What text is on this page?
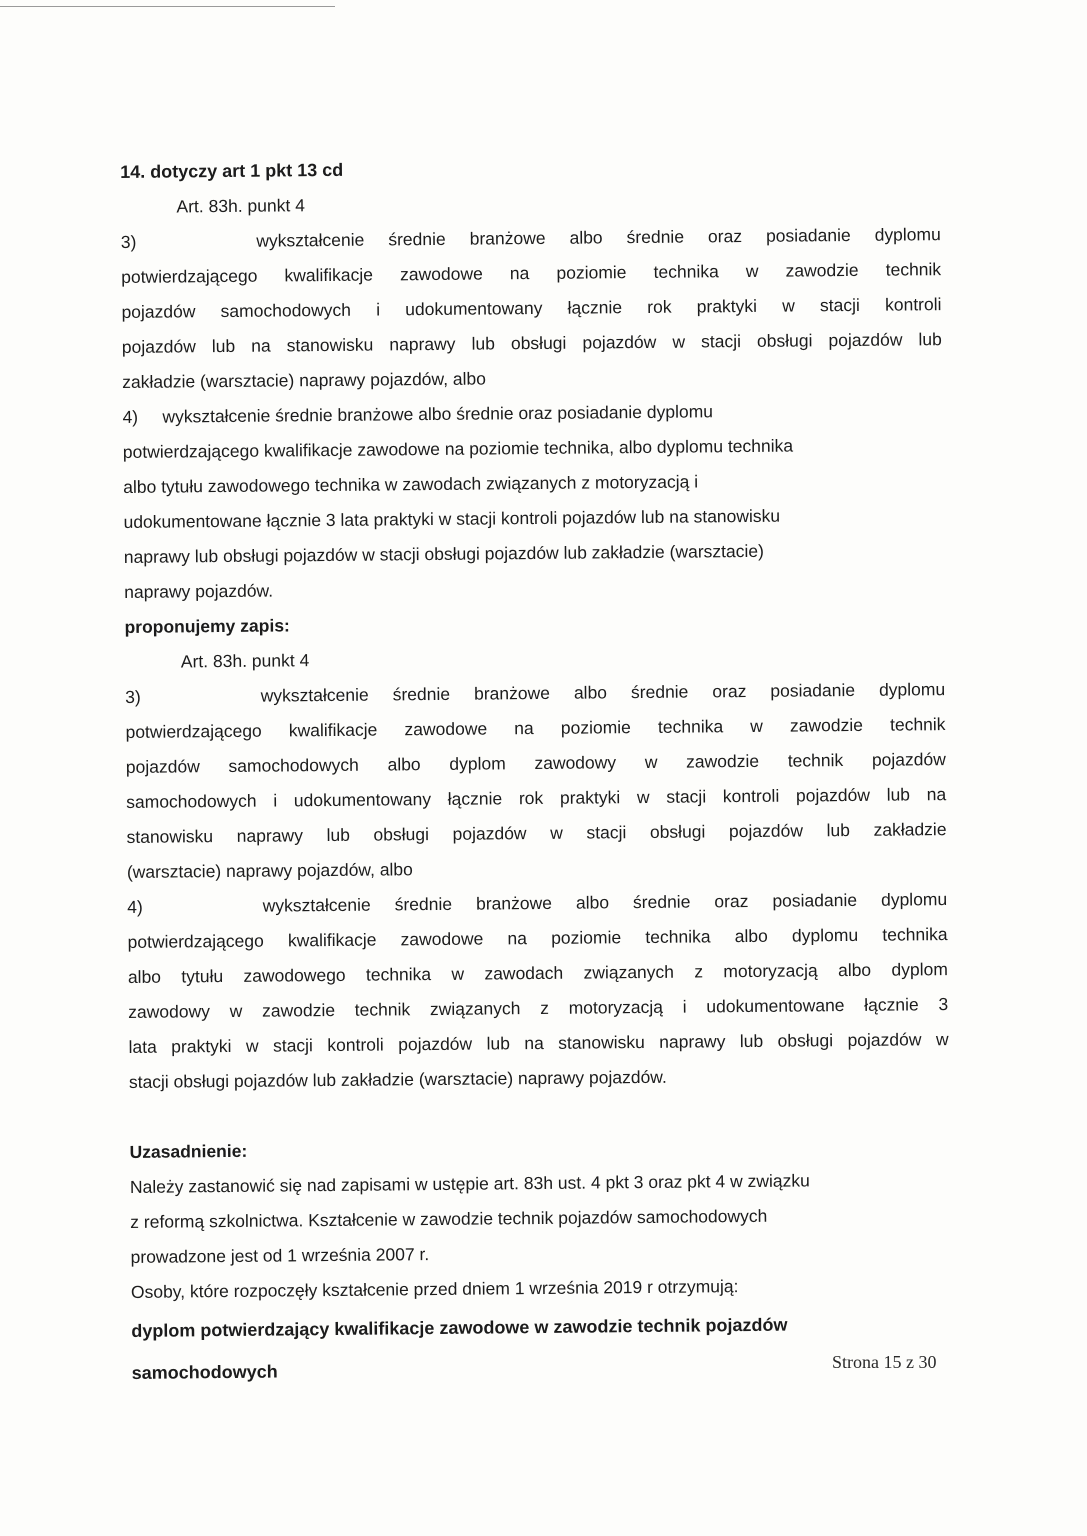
14. dotyczy art 1 pkt 13 cd
Art. 83h. punkt 4
3)     wykształcenie średnie branżowe albo średnie oraz posiadanie dyplomu
potwierdzającego kwalifikacje zawodowe na poziomie technika w zawodzie technik
pojazdów samochodowych i udokumentowany łącznie rok praktyki w stacji kontroli
pojazdów lub na stanowisku naprawy lub obsługi pojazdów w stacji obsługi pojazdów lub
zakładzie (warsztacie) naprawy pojazdów, albo
4)     wykształcenie średnie branżowe albo średnie oraz posiadanie dyplomu
potwierdzającego kwalifikacje zawodowe na poziomie technika, albo dyplomu technika
albo tytułu zawodowego technika w zawodach związanych z motoryzacją i
udokumentowane łącznie 3 lata praktyki w stacji kontroli pojazdów lub na stanowisku
naprawy lub obsługi pojazdów w stacji obsługi pojazdów lub zakładzie (warsztacie)
naprawy pojazdów.
proponujemy zapis:
Art. 83h. punkt 4
3)     wykształcenie średnie branżowe albo średnie oraz posiadanie dyplomu
potwierdzającego kwalifikacje zawodowe na poziomie technika w zawodzie technik
pojazdów samochodowych albo dyplom zawodowy w zawodzie technik pojazdów
samochodowych i udokumentowany łącznie rok praktyki w stacji kontroli pojazdów lub na
stanowisku naprawy lub obsługi pojazdów w stacji obsługi pojazdów lub zakładzie
(warsztacie) naprawy pojazdów, albo
4)     wykształcenie średnie branżowe albo średnie oraz posiadanie dyplomu
potwierdzającego kwalifikacje zawodowe na poziomie technika albo dyplomu technika
albo tytułu zawodowego technika w zawodach związanych z motoryzacją albo dyplom
zawodowy w zawodzie technik związanych z motoryzacją i udokumentowane łącznie 3
lata praktyki w stacji kontroli pojazdów lub na stanowisku naprawy lub obsługi pojazdów w
stacji obsługi pojazdów lub zakładzie (warsztacie) naprawy pojazdów.
Uzasadnienie:
Należy zastanowić się nad zapisami w ustępie art. 83h ust. 4 pkt 3 oraz pkt 4 w związku
z reformą szkolnictwa. Kształcenie w zawodzie technik pojazdów samochodowych
prowadzone jest od 1 września 2007 r.
Osoby, które rozpoczęły kształcenie przed dniem 1 września 2019 r otrzymują:
dyplom potwierdzający kwalifikacje zawodowe w zawodzie technik pojazdów
samochodowych	Strona 15 z 30
